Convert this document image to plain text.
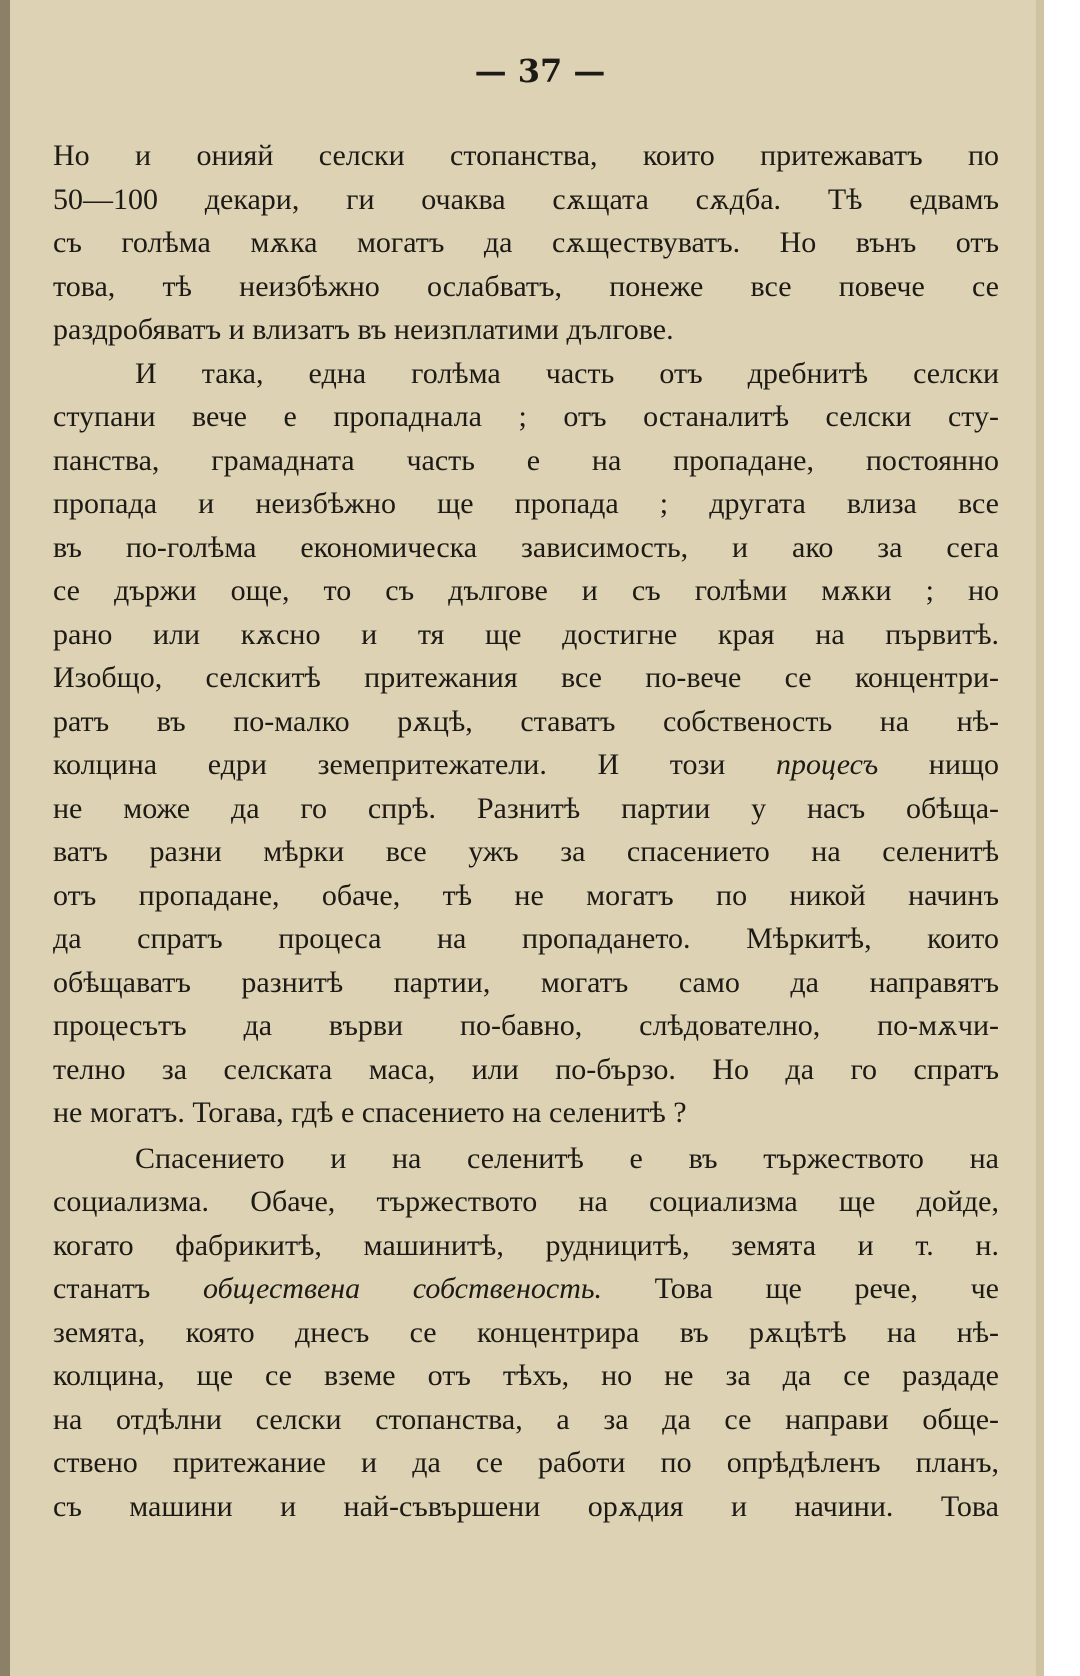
— 37 —
Но и онияй селски стопанства, които притежаватъ по
50—100 декари, ги очаква сѫщата сѫдба. Тѣ едвамъ
съ голѣма мѫка могатъ да сѫществуватъ. Но вънъ отъ
това, тѣ неизбѣжно ослабватъ, понеже все повече се
раздробяватъ и влизатъ въ неизплатими дългове.
И така, една голѣма часть отъ дребнитѣ селски
ступани вече е пропаднала ; отъ останалитѣ селски сту-
панства, грамадната часть е на пропадане, постоянно
пропада и неизбѣжно ще пропада ; другата влиза все
въ по-голѣма економическа зависимость, и ако за сега
се държи още, то съ дългове и съ голѣми мѫки ; но
рано или кѫсно и тя ще достигне края на първитѣ.
Изобщо, селскитѣ притежания все по-вече се концентри-
ратъ въ по-малко рѫцѣ, ставатъ собственость на нѣ-
колцина едри земепритежатели. И този процесъ нищо
не може да го спрѣ. Разнитѣ партии у насъ обѣща-
ватъ разни мѣрки все ужъ за спасението на селенитѣ
отъ пропадане, обаче, тѣ не могатъ по никой начинъ
да спратъ процеса на пропадането. Мѣркитѣ, които
обѣщаватъ разнитѣ партии, могатъ само да направятъ
процесътъ да върви по-бавно, слѣдователно, по-мѫчи-
телно за селската маса, или по-бързо. Но да го спратъ
не могатъ. Тогава, гдѣ е спасението на селенитѣ ?
Спасението и на селенитѣ е въ тържеството на
социализма. Обаче, тържеството на социализма ще дойде,
когато фабрикитѣ, машинитѣ, рудницитѣ, земята и т. н.
станатъ обществена собственость. Това ще рече, че
земята, която днесъ се концентрира въ рѫцѣтѣ на нѣ-
колцина, ще се вземе отъ тѣхъ, но не за да се раздаде
на отдѣлни селски стопанства, а за да се направи обще-
ствено притежание и да се работи по опрѣдѣленъ планъ,
съ машини и най-съвършени орѫдия и начини. Това
